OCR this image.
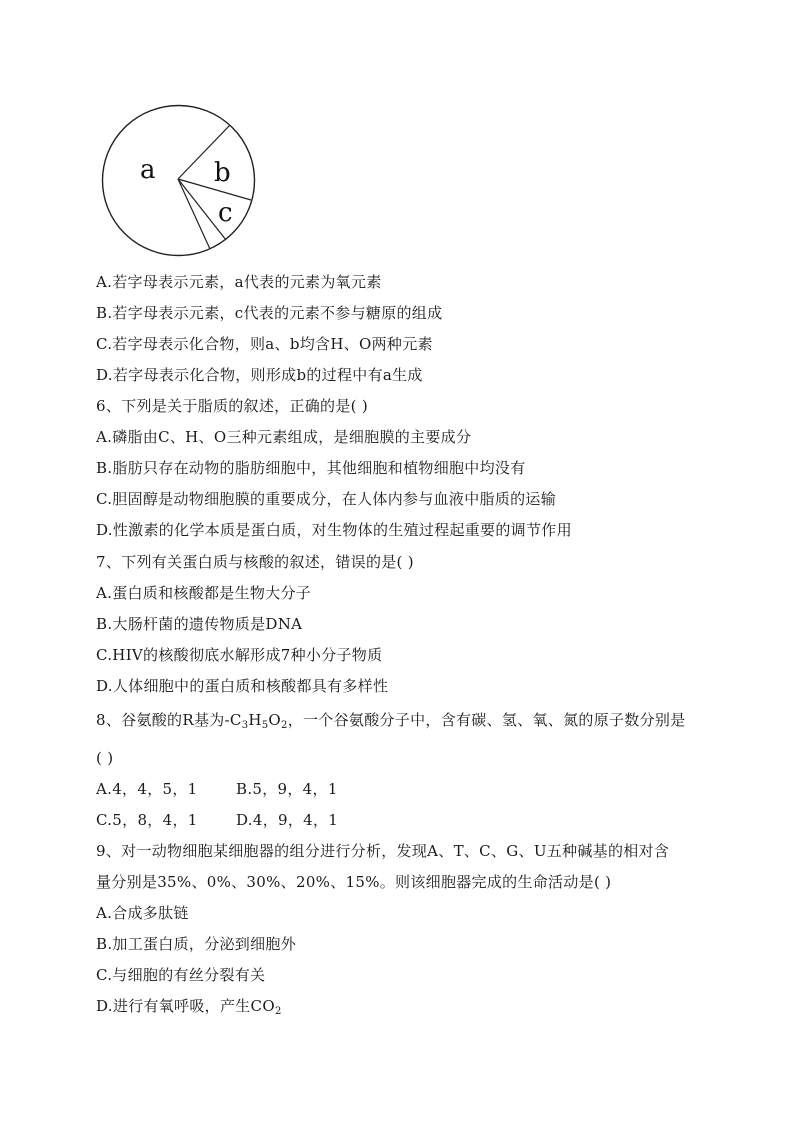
a b
c
A.若字母表示元素，a代表的元素为氧元素
B.若字母表示元素，c代表的元素不参与糖原的组成
C.若字母表示化合物，则a、b均含H、O两种元素
D.若字母表示化合物，则形成b的过程中有a生成
6、下列是关于脂质的叙述，正确的是( )
A.磷脂由C、H、O三种元素组成，是细胞膜的主要成分
B.脂肪只存在动物的脂肪细胞中，其他细胞和植物细胞中均没有
C.胆固醇是动物细胞膜的重要成分，在人体内参与血液中脂质的运输
D.性激素的化学本质是蛋白质，对生物体的生殖过程起重要的调节作用
7、下列有关蛋白质与核酸的叙述，错误的是( )
A.蛋白质和核酸都是生物大分子
B.大肠杆菌的遗传物质是DNA
C.HIV的核酸彻底水解形成7种小分子物质
D.人体细胞中的蛋白质和核酸都具有多样性
8、谷氨酸的R基为$-C_3H_5O_2$，一个谷氨酸分子中，含有碳、氢、氧、氮的原子数分别是
( )
A.4，4，5，1	B.5，9，4，1
C.5，8，4，1	D.4，9，4，1
9、对一动物细胞某细胞器的组分进行分析，发现A、T、C、G、U五种碱基的相对含
量分别是35%、0%、30%、20%、15%。则该细胞器完成的生命活动是( )
A.合成多肽链
B.加工蛋白质，分泌到细胞外
C.与细胞的有丝分裂有关
D.进行有氧呼吸，产生$CO_2$
